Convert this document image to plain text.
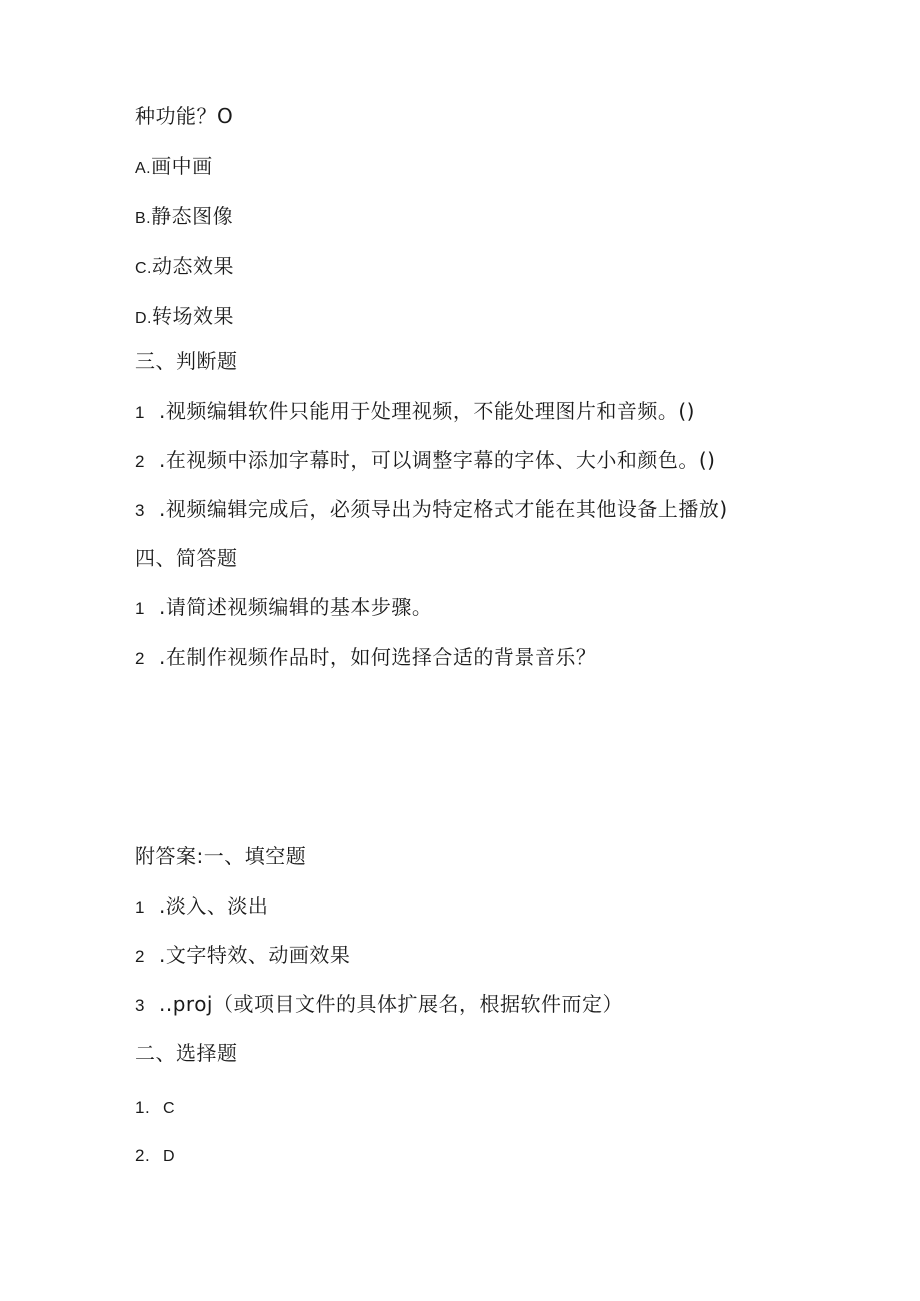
种功能？O
A.画中画
B.静态图像
C.动态效果
D.转场效果
三、判断题
1 .视频编辑软件只能用于处理视频，不能处理图片和音频。()
2 .在视频中添加字幕时，可以调整字幕的字体、大小和颜色。()
3 .视频编辑完成后，必须导出为特定格式才能在其他设备上播放)
四、简答题
1 .请简述视频编辑的基本步骤。
2 .在制作视频作品时，如何选择合适的背景音乐？
附答案:一、填空题
1 .淡入、淡出
2 .文字特效、动画效果
3 ..proj（或项目文件的具体扩展名，根据软件而定）
二、选择题
1. C
2. D
